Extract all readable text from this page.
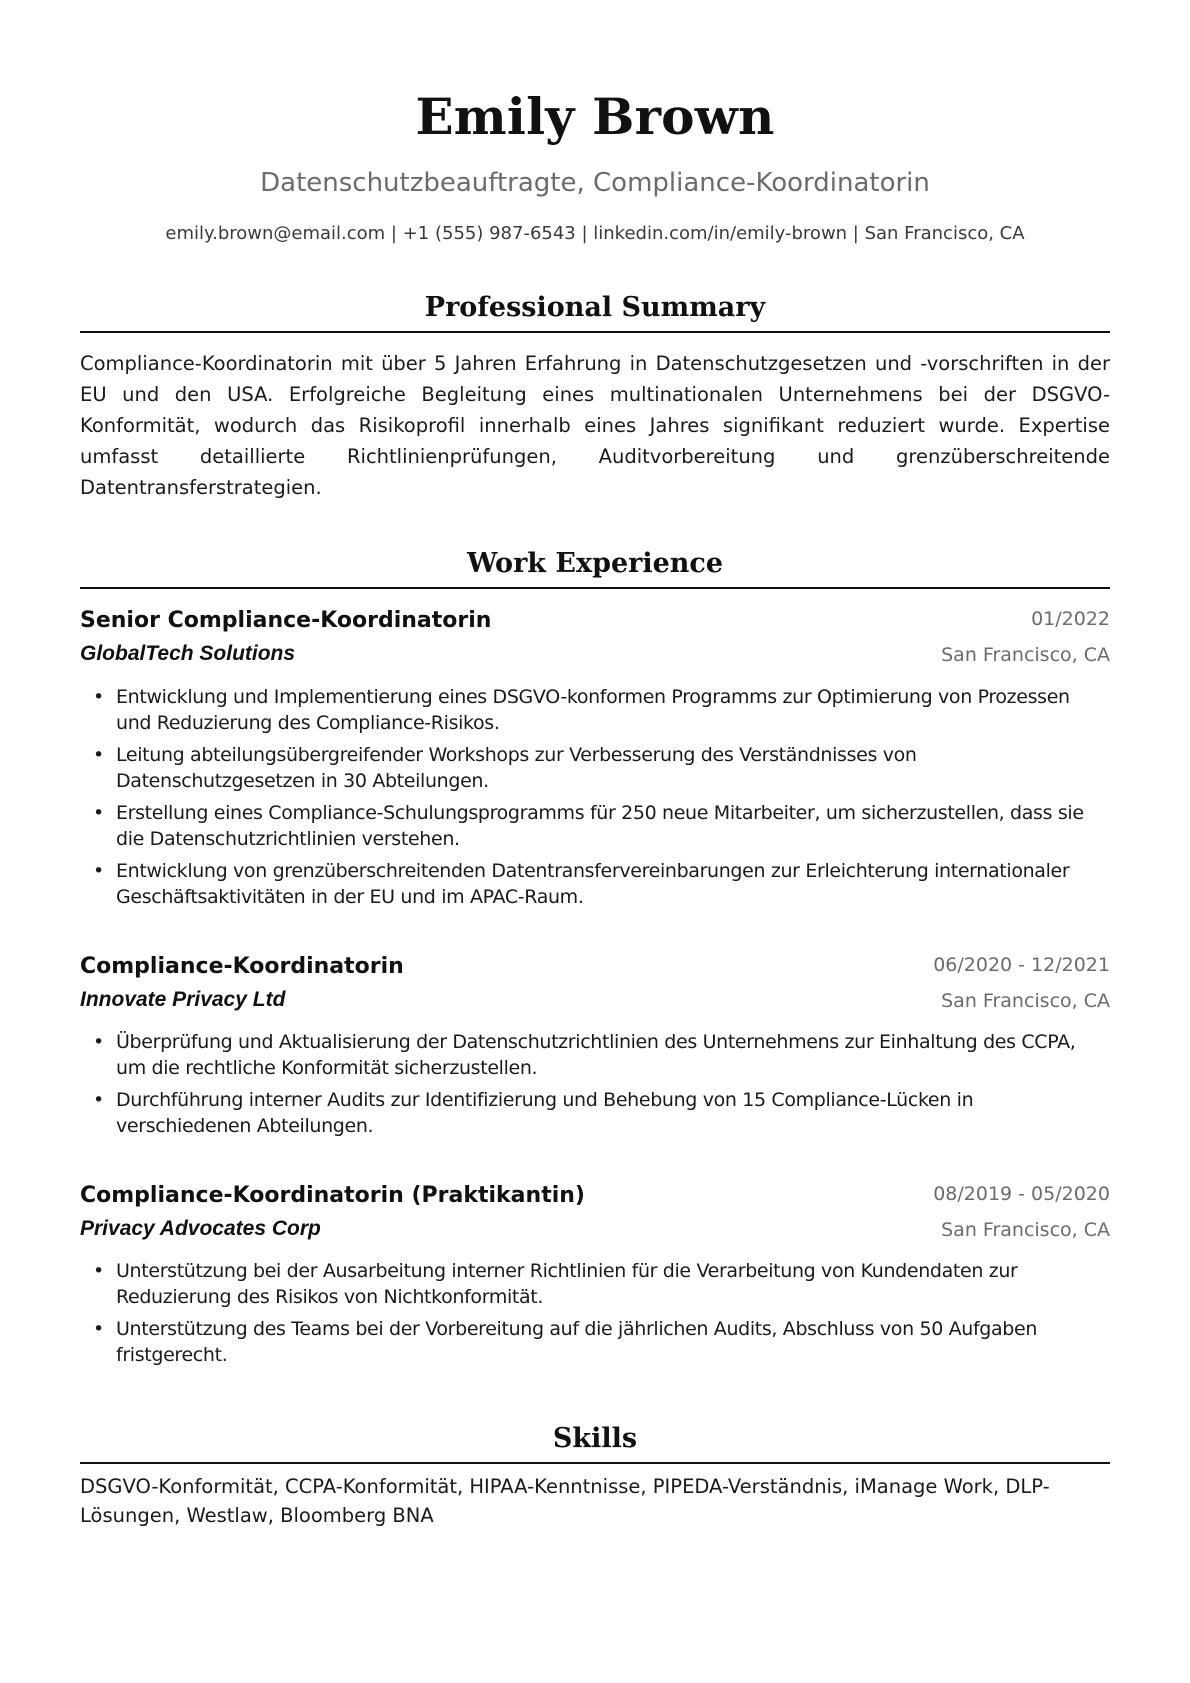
Emily Brown
Datenschutzbeauftragte, Compliance-Koordinatorin
emily.brown@email.com | +1 (555) 987-6543 | linkedin.com/in/emily-brown | San Francisco, CA
Professional Summary
Compliance-Koordinatorin mit über 5 Jahren Erfahrung in Datenschutzgesetzen und -vorschriften in der EU und den USA. Erfolgreiche Begleitung eines multinationalen Unternehmens bei der DSGVO-Konformität, wodurch das Risikoprofil innerhalb eines Jahres signifikant reduziert wurde. Expertise umfasst detaillierte Richtlinienprüfungen, Auditvorbereitung und grenzüberschreitende Datentransferstrategien.
Work Experience
Senior Compliance-Koordinatorin	01/2022
GlobalTech Solutions	San Francisco, CA
• Entwicklung und Implementierung eines DSGVO-konformen Programms zur Optimierung von Prozessen und Reduzierung des Compliance-Risikos.
• Leitung abteilungsübergreifender Workshops zur Verbesserung des Verständnisses von Datenschutzgesetzen in 30 Abteilungen.
• Erstellung eines Compliance-Schulungsprogramms für 250 neue Mitarbeiter, um sicherzustellen, dass sie die Datenschutzrichtlinien verstehen.
• Entwicklung von grenzüberschreitenden Datentransfervereinbarungen zur Erleichterung internationaler Geschäftsaktivitäten in der EU und im APAC-Raum.
Compliance-Koordinatorin	06/2020 - 12/2021
Innovate Privacy Ltd	San Francisco, CA
• Überprüfung und Aktualisierung der Datenschutzrichtlinien des Unternehmens zur Einhaltung des CCPA, um die rechtliche Konformität sicherzustellen.
• Durchführung interner Audits zur Identifizierung und Behebung von 15 Compliance-Lücken in verschiedenen Abteilungen.
Compliance-Koordinatorin (Praktikantin)	08/2019 - 05/2020
Privacy Advocates Corp	San Francisco, CA
• Unterstützung bei der Ausarbeitung interner Richtlinien für die Verarbeitung von Kundendaten zur Reduzierung des Risikos von Nichtkonformität.
• Unterstützung des Teams bei der Vorbereitung auf die jährlichen Audits, Abschluss von 50 Aufgaben fristgerecht.
Skills
DSGVO-Konformität, CCPA-Konformität, HIPAA-Kenntnisse, PIPEDA-Verständnis, iManage Work, DLP-Lösungen, Westlaw, Bloomberg BNA
